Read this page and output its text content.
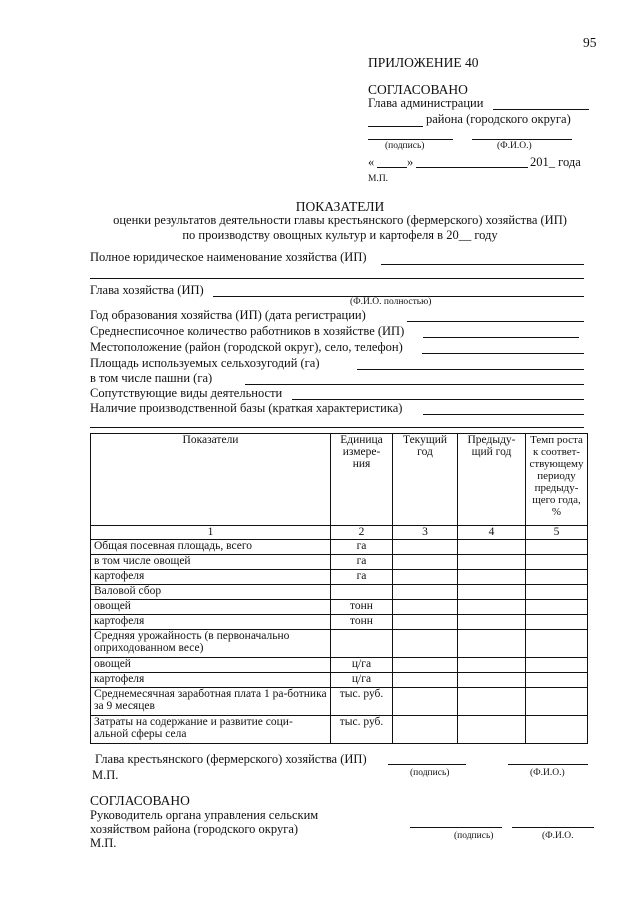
95
ПРИЛОЖЕНИЕ 40
СОГЛАСОВАНО
Глава администрации
района (городского округа)
(подпись)	(Ф.И.О.)
«	»	201_ года
М.П.
ПОКАЗАТЕЛИ
оценки результатов деятельности главы крестьянского (фермерского) хозяйства (ИП)
по производству овощных культур и картофеля в 20__ году
Полное юридическое наименование хозяйства (ИП)
Глава хозяйства (ИП)
(Ф.И.О. полностью)
Год образования хозяйства (ИП) (дата регистрации)
Среднесписочное количество работников в хозяйстве (ИП)
Местоположение (район (городской округ), село, телефон)
Площадь используемых сельхозугодий (га)
в том числе пашни (га)
Сопутствующие виды деятельности
Наличие производственной базы (краткая характеристика)
Показатели	Единица измере-ния	Текущий год	Предыду-щий год	Темп роста к соответ-ствующему периоду предыду-щего года, %
1	2	3	4	5
Общая посевная площадь, всего	га			
в том числе овощей	га			
картофеля	га			
Валовой сбор				
овощей	тонн			
картофеля	тонн			
Средняя урожайность (в первоначально оприходованном весе)				
овощей	ц/га			
картофеля	ц/га			
Среднемесячная заработная плата 1 ра-ботника за 9 месяцев	тыс. руб.			
Затраты на содержание и развитие соци-альной сферы села	тыс. руб.			
Глава крестьянского (фермерского) хозяйства (ИП)
М.П.	(подпись)	(Ф.И.О.)
СОГЛАСОВАНО
Руководитель органа управления сельским
хозяйством района (городского округа)
М.П.	(подпись)	(Ф.И.О.
